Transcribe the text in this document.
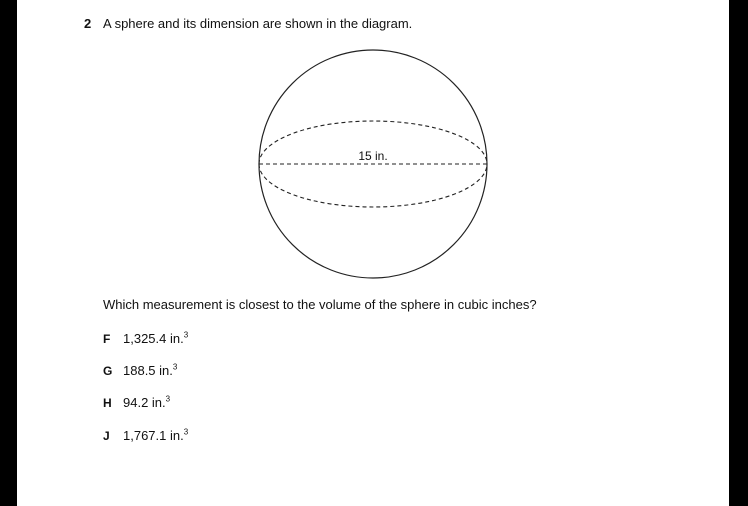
2 A sphere and its dimension are shown in the diagram.
15 in.
Which measurement is closest to the volume of the sphere in cubic inches?
F 1,325.4 in.$^3$
G 188.5 in.$^3$
H 94.2 in.$^3$
J	1,767.1 in.$^3$
